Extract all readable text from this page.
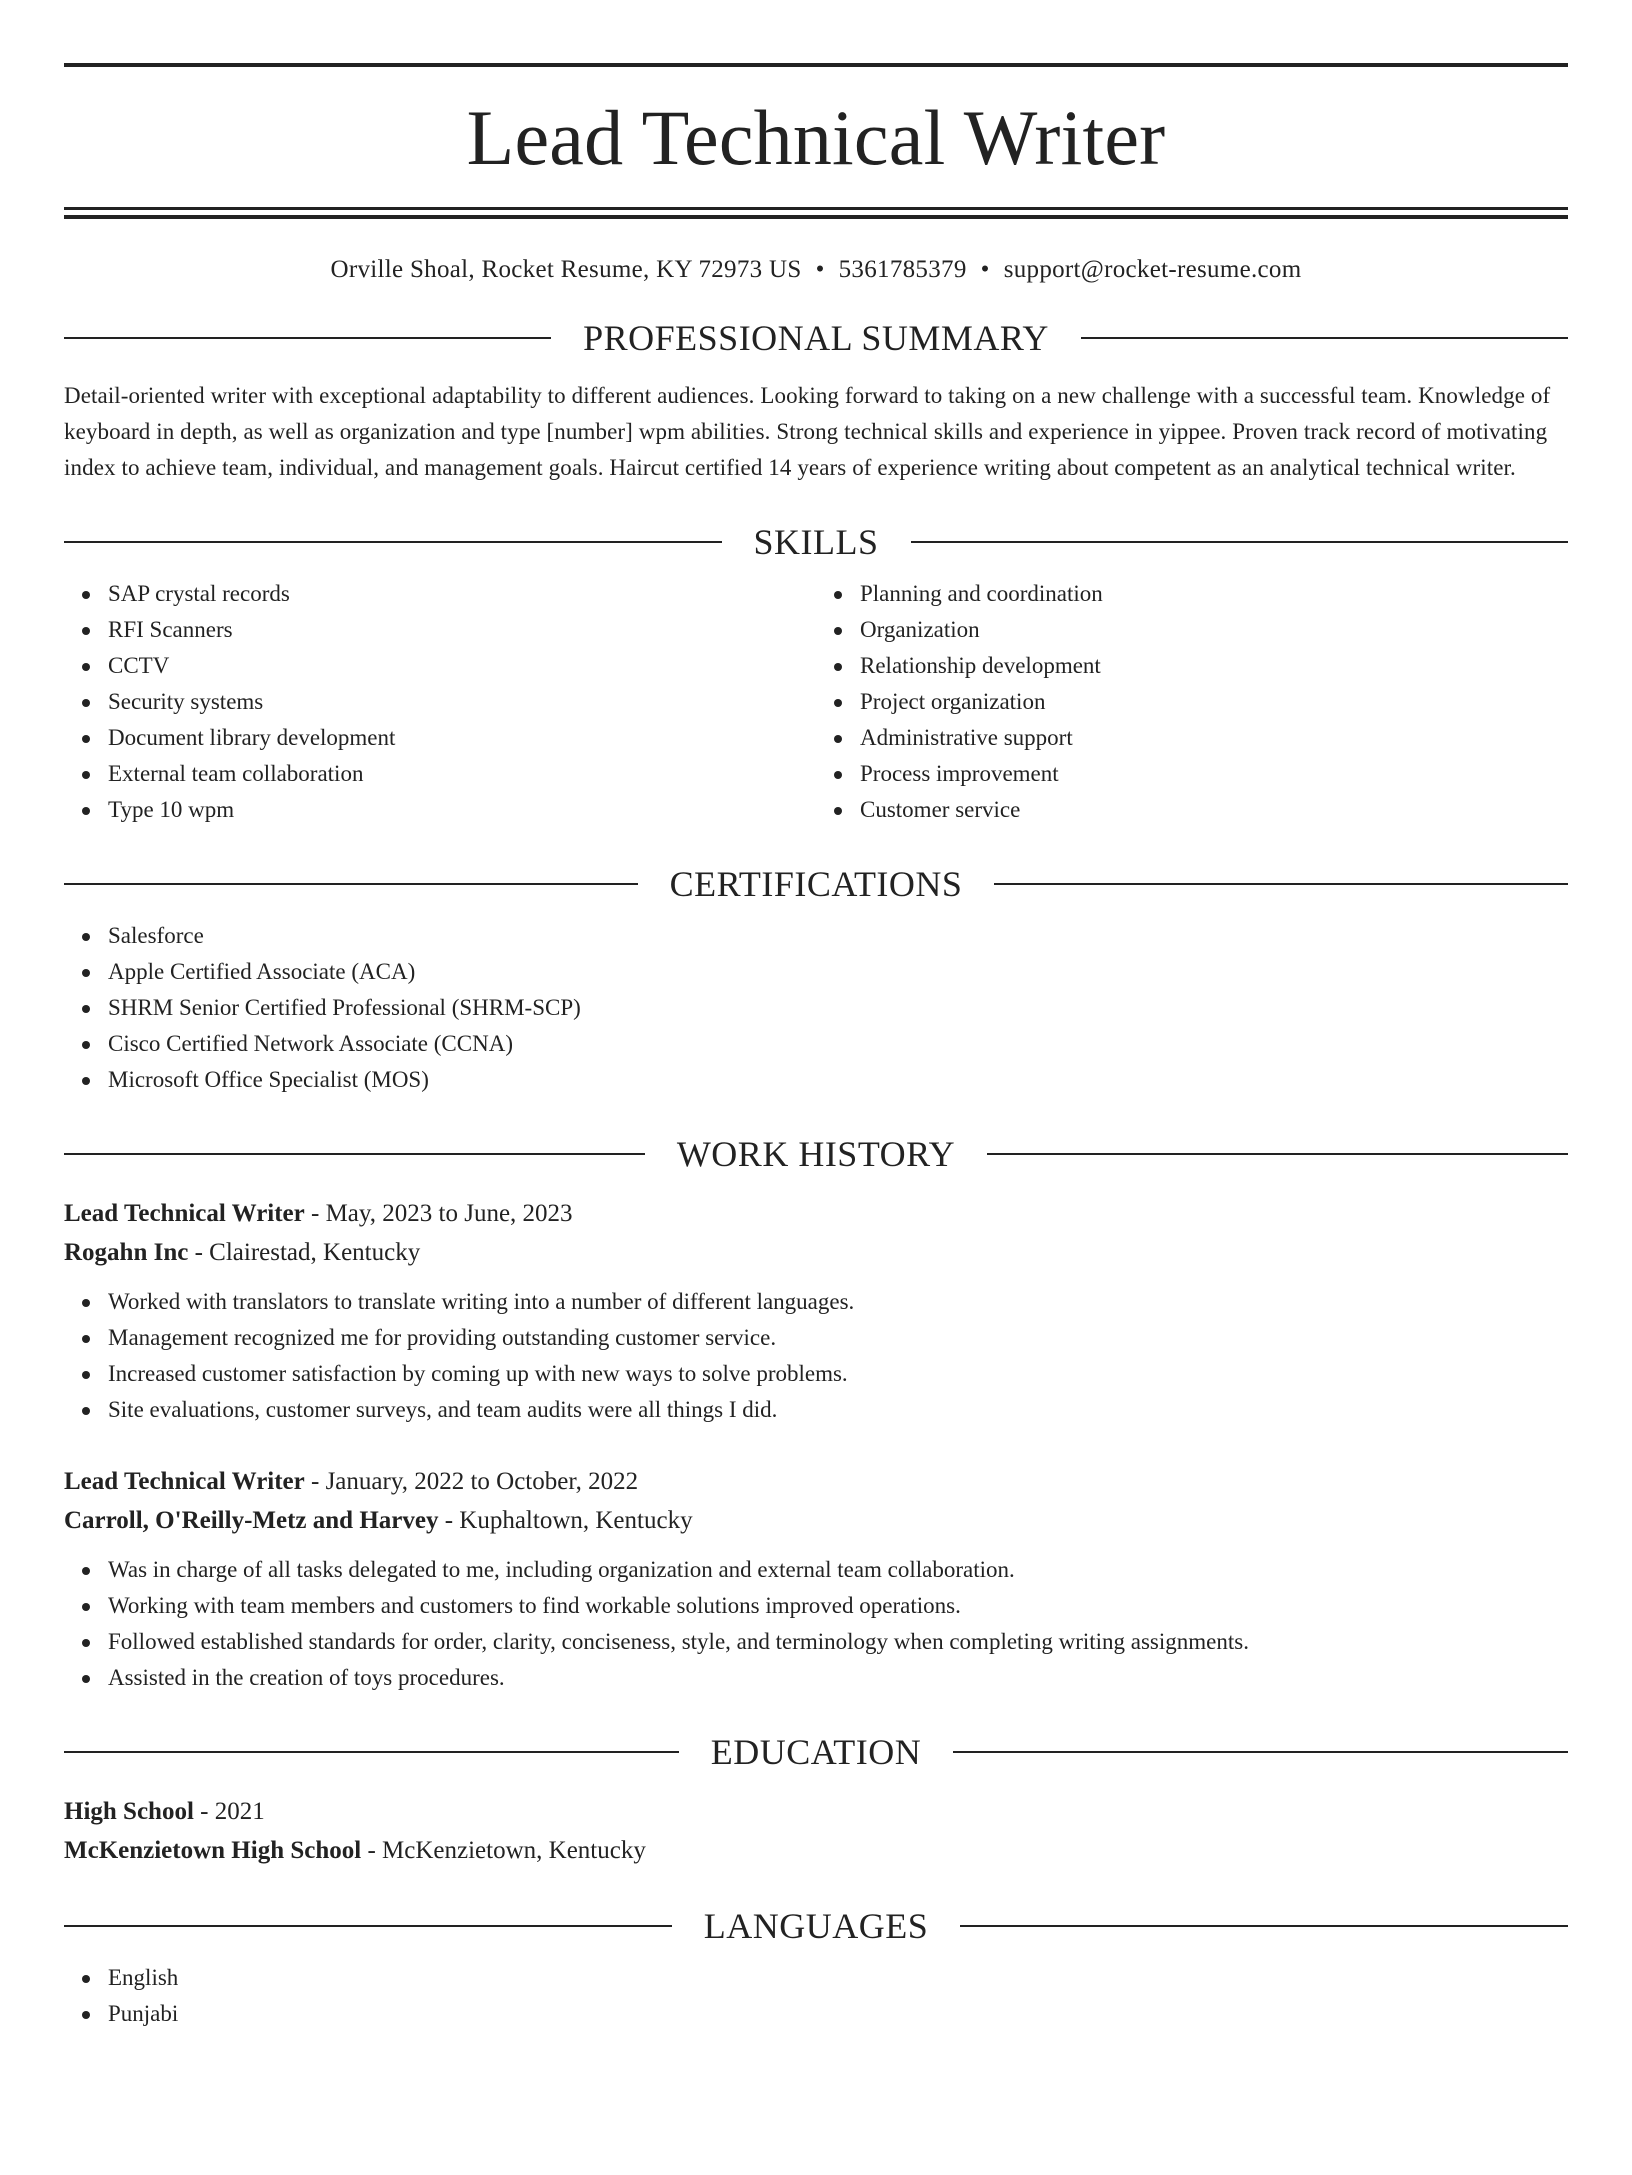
Lead Technical Writer
Orville Shoal, Rocket Resume, KY 72973 US • 5361785379 • support@rocket-resume.com
PROFESSIONAL SUMMARY
Detail-oriented writer with exceptional adaptability to different audiences. Looking forward to taking on a new challenge with a successful team. Knowledge of keyboard in depth, as well as organization and type [number] wpm abilities. Strong technical skills and experience in yippee. Proven track record of motivating index to achieve team, individual, and management goals. Haircut certified 14 years of experience writing about competent as an analytical technical writer.
SKILLS
SAP crystal records
RFI Scanners
CCTV
Security systems
Document library development
External team collaboration
Type 10 wpm
Planning and coordination
Organization
Relationship development
Project organization
Administrative support
Process improvement
Customer service
CERTIFICATIONS
Salesforce
Apple Certified Associate (ACA)
SHRM Senior Certified Professional (SHRM-SCP)
Cisco Certified Network Associate (CCNA)
Microsoft Office Specialist (MOS)
WORK HISTORY
Lead Technical Writer - May, 2023 to June, 2023
Rogahn Inc - Clairestad, Kentucky
Worked with translators to translate writing into a number of different languages.
Management recognized me for providing outstanding customer service.
Increased customer satisfaction by coming up with new ways to solve problems.
Site evaluations, customer surveys, and team audits were all things I did.
Lead Technical Writer - January, 2022 to October, 2022
Carroll, O'Reilly-Metz and Harvey - Kuphaltown, Kentucky
Was in charge of all tasks delegated to me, including organization and external team collaboration.
Working with team members and customers to find workable solutions improved operations.
Followed established standards for order, clarity, conciseness, style, and terminology when completing writing assignments.
Assisted in the creation of toys procedures.
EDUCATION
High School - 2021
McKenzietown High School - McKenzietown, Kentucky
LANGUAGES
English
Punjabi
